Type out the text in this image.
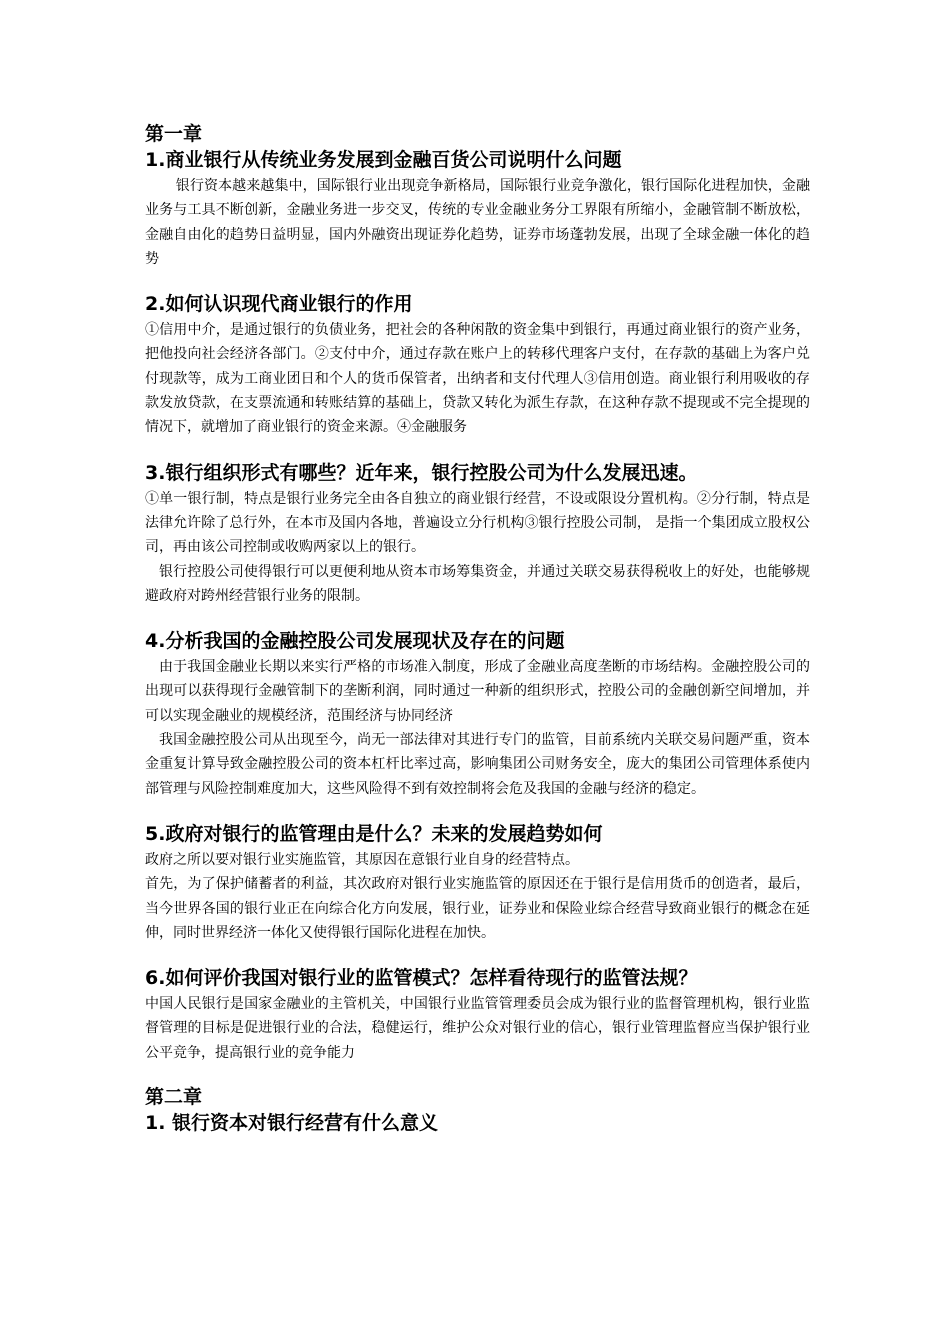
第一章
1.商业银行从传统业务发展到金融百货公司说明什么问题

银行资本越来越集中，国际银行业出现竞争新格局，国际银行业竞争激化，银行国际化进程加快，金融业务与工具不断创新，金融业务进一步交叉，传统的专业金融业务分工界限有所缩小，金融管制不断放松，金融自由化的趋势日益明显，国内外融资出现证券化趋势，证券市场蓬勃发展，出现了全球金融一体化的趋势

2.如何认识现代商业银行的作用

①信用中介，是通过银行的负债业务，把社会的各种闲散的资金集中到银行，再通过商业银行的资产业务，把他投向社会经济各部门。②支付中介，通过存款在账户上的转移代理客户支付，在存款的基础上为客户兑付现款等，成为工商业团日和个人的货币保管者，出纳者和支付代理人③信用创造。商业银行利用吸收的存款发放贷款，在支票流通和转账结算的基础上，贷款又转化为派生存款，在这种存款不提现或不完全提现的情况下，就增加了商业银行的资金来源。④金融服务

3.银行组织形式有哪些？近年来，银行控股公司为什么发展迅速。

①单一银行制，特点是银行业务完全由各自独立的商业银行经营，不设或限设分置机构。②分行制，特点是法律允许除了总行外，在本市及国内各地，普遍设立分行机构③银行控股公司制， 是指一个集团成立股权公司，再由该公司控制或收购两家以上的银行。

银行控股公司使得银行可以更便利地从资本市场筹集资金，并通过关联交易获得税收上的好处，也能够规避政府对跨州经营银行业务的限制。

4.分析我国的金融控股公司发展现状及存在的问题

由于我国金融业长期以来实行严格的市场准入制度，形成了金融业高度垄断的市场结构。金融控股公司的出现可以获得现行金融管制下的垄断利润，同时通过一种新的组织形式，控股公司的金融创新空间增加，并可以实现金融业的规模经济，范围经济与协同经济

我国金融控股公司从出现至今，尚无一部法律对其进行专门的监管，目前系统内关联交易问题严重，资本金重复计算导致金融控股公司的资本杠杆比率过高，影响集团公司财务安全，庞大的集团公司管理体系使内部管理与风险控制难度加大，这些风险得不到有效控制将会危及我国的金融与经济的稳定。

5.政府对银行的监管理由是什么？未来的发展趋势如何

政府之所以要对银行业实施监管，其原因在意银行业自身的经营特点。

首先，为了保护储蓄者的利益，其次政府对银行业实施监管的原因还在于银行是信用货币的创造者，最后，当今世界各国的银行业正在向综合化方向发展，银行业，证券业和保险业综合经营导致商业银行的概念在延伸，同时世界经济一体化又使得银行国际化进程在加快。

6.如何评价我国对银行业的监管模式？怎样看待现行的监管法规？

中国人民银行是国家金融业的主管机关，中国银行业监管管理委员会成为银行业的监督管理机构，银行业监督管理的目标是促进银行业的合法，稳健运行，维护公众对银行业的信心，银行业管理监督应当保护银行业公平竞争，提高银行业的竞争能力

第二章
1. 银行资本对银行经营有什么意义
